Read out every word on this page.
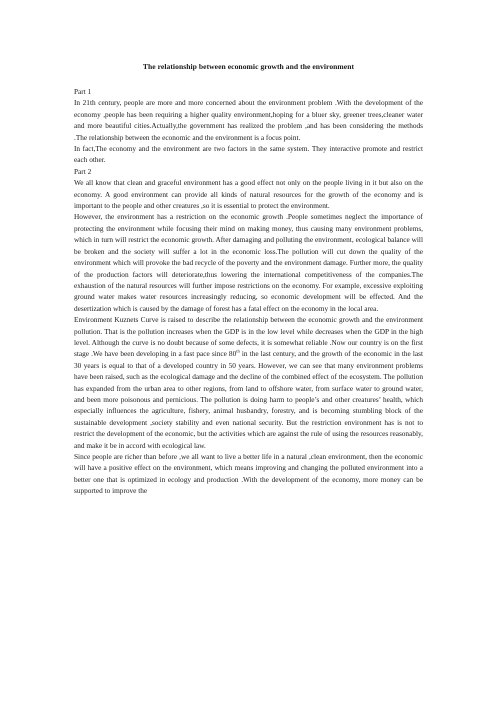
The relationship between economic growth and the environment
Part 1
In 21th century, people are more and more concerned about the environment problem .With the development of the economy ,people has been requiring a higher quality environment,hoping for a bluer sky, greener trees,cleaner water and more beautiful cities.Actually,the government has realized the problem ,and has been considering the methods .The relationship between the economic and the environment is a focus point.
In fact,The economy and the environment are two factors in the same system. They interactive promote and restrict each other.
Part 2
We all know that clean and graceful environment has a good effect not only on the people living in it but also on the economy. A good environment can provide all kinds of natural resources for the growth of the economy and is important to the people and other creatures ,so it is essential to protect the environment.
However, the environment has a restriction on the economic growth .People sometimes neglect the importance of protecting the environment while focusing their mind on making money, thus causing many environment problems, which in turn will restrict the economic growth. After damaging and polluting the environment, ecological balance will be broken and the society will suffer a lot in the economic loss.The pollution will cut down the quality of the environment which will provoke the bad recycle of the poverty and the environment damage. Further more, the quality of the production factors will deteriorate,thus lowering the international competitiveness of the companies.The exhaustion of the natural resources will further impose restrictions on the economy. For example, excessive exploiting ground water makes water resources increasingly reducing, so economic development will be effected. And the desertization which is caused by the damage of forest has a fatal effect on the economy in the local area.
Environment Kuznets Curve is raised to describe the relationship between the economic growth and the environment pollution. That is the pollution increases when the GDP is in the low level while decreases when the GDP in the high level. Although the curve is no doubt because of some defects, it is somewhat reliable .Now our country is on the first stage .We have been developing in a fast pace since 80th in the last century, and the growth of the economic in the last 30 years is equal to that of a developed country in 50 years. However, we can see that many environment problems have been raised, such as the ecological damage and the decline of the combined effect of the ecosystem. The pollution has expanded from the urban area to other regions, from land to offshore water, from surface water to ground water, and been more poisonous and pernicious. The pollution is doing harm to people’s and other creatures’ health, which especially influences the agriculture, fishery, animal husbandry, forestry, and is becoming stumbling block of the sustainable development ,society stability and even national security. But the restriction environment has is not to restrict the development of the economic, but the activities which are against the rule of using the resources reasonably, and make it be in accord with ecological law.
Since people are richer than before ,we all want to live a better life in a natural ,clean environment, then the economic will have a positive effect on the environment, which means improving and changing the polluted environment into a better one that is optimized in ecology and production .With the development of the economy, more money can be supported to improve the
